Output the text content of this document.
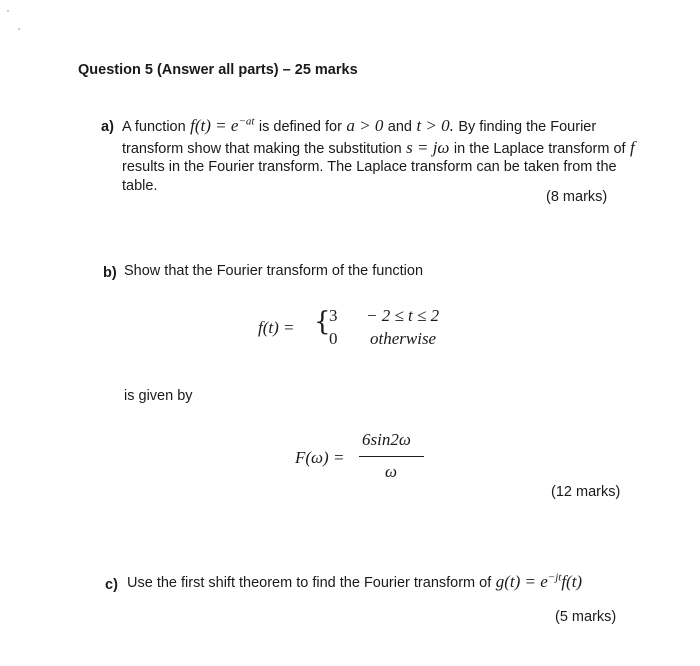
Question 5 (Answer all parts) – 25 marks
a) A function $f(t) = e^{-at}$ is defined for a > 0 and t > 0. By finding the Fourier
transform show that making the substitution s = jω in the Laplace transform of f
results in the Fourier transform. The Laplace transform can be taken from the
table.
(8 marks)
b) Show that the Fourier transform of the function
f(t) = {
3 − 2 ≤ t ≤ 2
0 otherwise
is given by
F(ω) =
6sin2ω
ω
(12 marks)
c) Use the first shift theorem to find the Fourier transform of $g(t) = e^{-jt}f(t)$
(5 marks)
